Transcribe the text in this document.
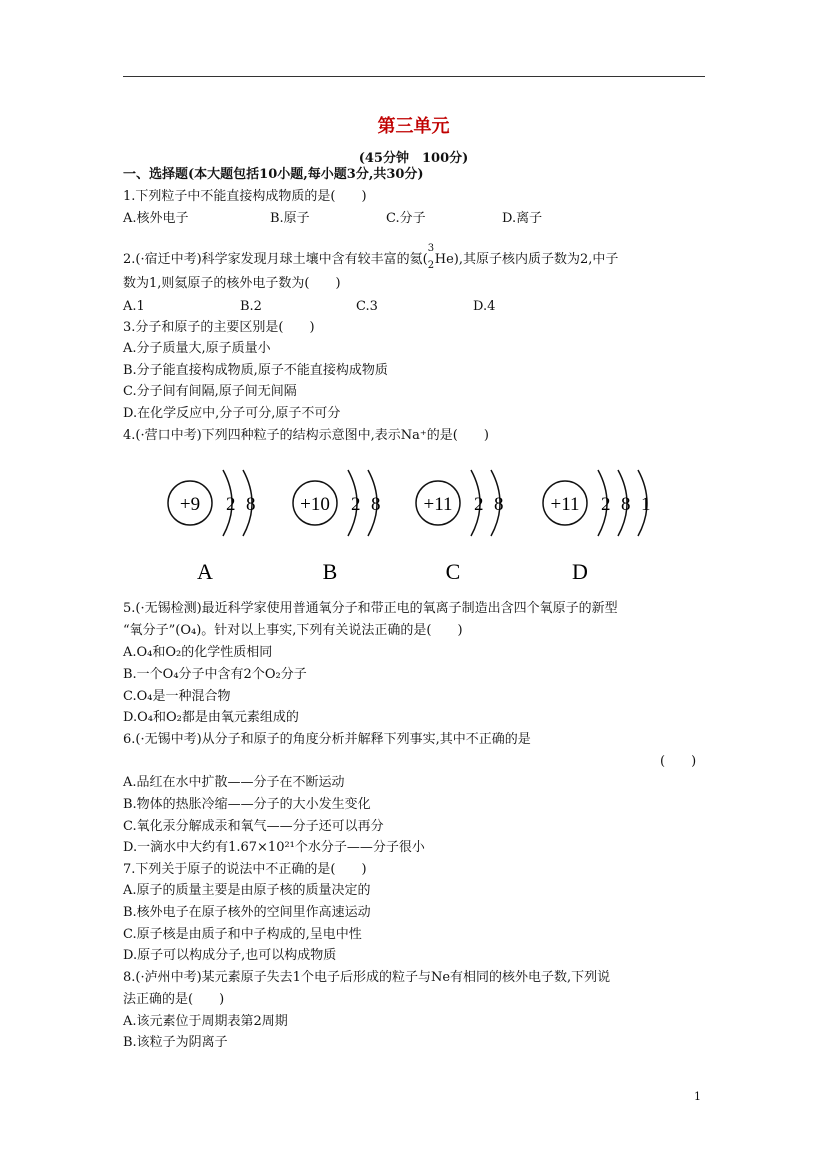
第三单元
(45分钟　100分)
一、选择题(本大题包括10小题,每小题3分,共30分)
1.下列粒子中不能直接构成物质的是(　　)
A.核外电子	B.原子	C.分子	D.离子
2.(·宿迁中考)科学家发现月球土壤中含有较丰富的氦(
3
2 He ),其原子核内质子数为2,中子
数为1,则氦原子的核外电子数为(　　)
A.1	B.2	C.3	D.4
3.分子和原子的主要区别是(　　)
A.分子质量大,原子质量小
B.分子能直接构成物质,原子不能直接构成物质
C.分子间有间隔,原子间无间隔
D.在化学反应中,分子可分,原子不可分
4.(·营口中考)下列四种粒子的结构示意图中,表示Na⁺的是(　　)
+9 2 8
A
+10 2 8
B
+11 2 8
C
+11 2 8 1
D
5.(·无锡检测)最近科学家使用普通氧分子和带正电的氧离子制造出含四个氧原子的新型
“氧分子”(O₄)。针对以上事实,下列有关说法正确的是(　　)
A.O₄和O₂的化学性质相同
B.一个O₄分子中含有2个O₂分子
C.O₄是一种混合物
D.O₄和O₂都是由氧元素组成的
6.(·无锡中考)从分子和原子的角度分析并解释下列事实,其中不正确的是
(　　)
A.品红在水中扩散——分子在不断运动
B.物体的热胀冷缩——分子的大小发生变化
C.氧化汞分解成汞和氧气——分子还可以再分
D.一滴水中大约有1.67×10²¹个水分子——分子很小
7.下列关于原子的说法中不正确的是(　　)
A.原子的质量主要是由原子核的质量决定的
B.核外电子在原子核外的空间里作高速运动
C.原子核是由质子和中子构成的,呈电中性
D.原子可以构成分子,也可以构成物质
8.(·泸州中考)某元素原子失去1个电子后形成的粒子与Ne有相同的核外电子数,下列说
法正确的是(　　)
A.该元素位于周期表第2周期
B.该粒子为阴离子
1
